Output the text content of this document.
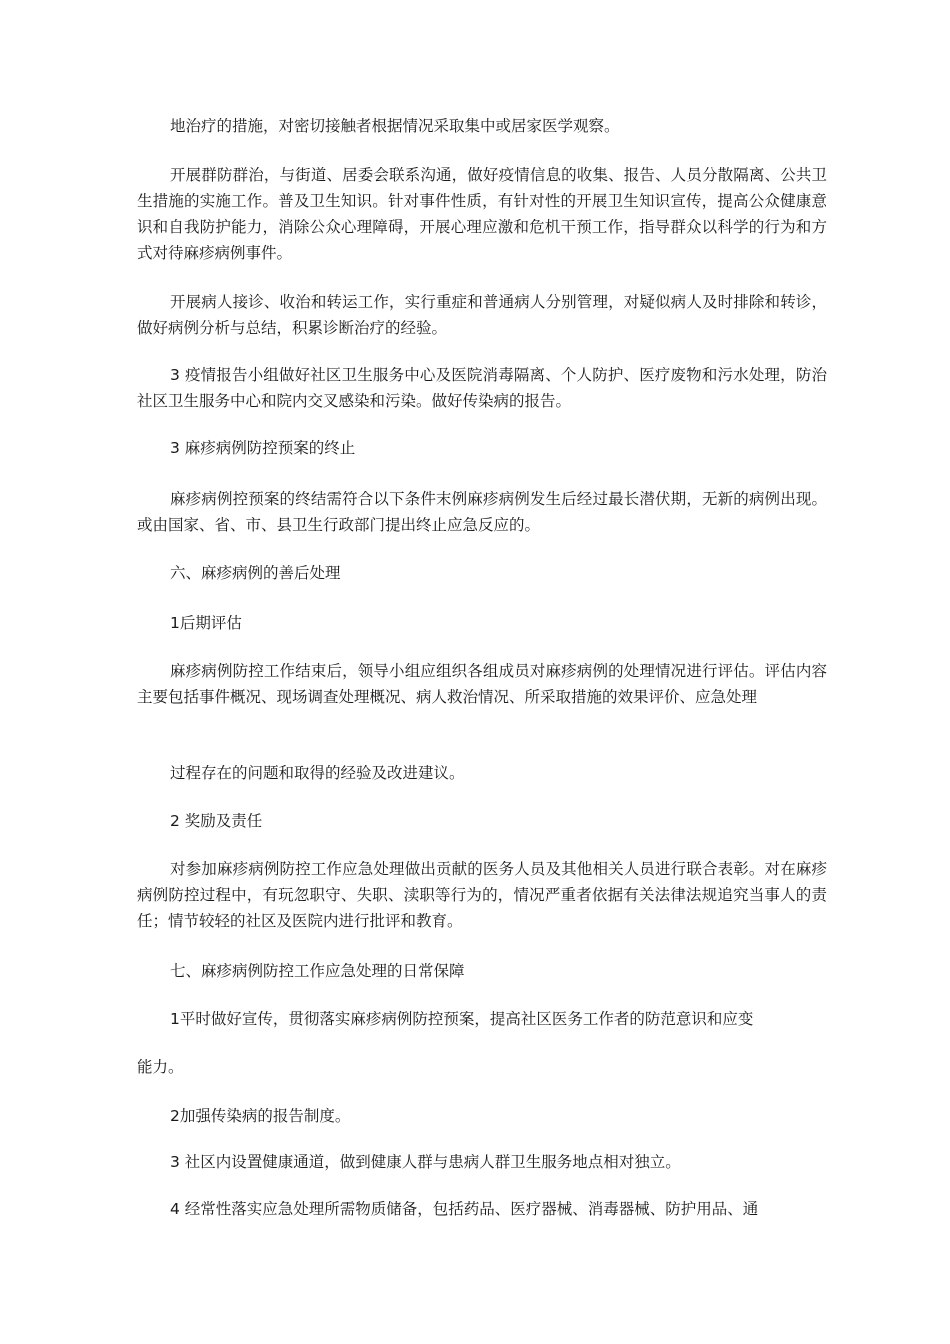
地治疗的措施，对密切接触者根据情况采取集中或居家医学观察。

开展群防群治，与街道、居委会联系沟通，做好疫情信息的收集、报告、人员分散隔离、公共卫生措施的实施工作。普及卫生知识。针对事件性质，有针对性的开展卫生知识宣传，提高公众健康意识和自我防护能力，消除公众心理障碍，开展心理应激和危机干预工作，指导群众以科学的行为和方式对待麻疹病例事件。

开展病人接诊、收治和转运工作，实行重症和普通病人分别管理，对疑似病人及时排除和转诊，做好病例分析与总结，积累诊断治疗的经验。

3 疫情报告小组做好社区卫生服务中心及医院消毒隔离、个人防护、医疗废物和污水处理，防治社区卫生服务中心和院内交叉感染和污染。做好传染病的报告。

3 麻疹病例防控预案的终止

麻疹病例控预案的终结需符合以下条件末例麻疹病例发生后经过最长潜伏期，无新的病例出现。或由国家、省、市、县卫生行政部门提出终止应急反应的。

六、麻疹病例的善后处理

1后期评估

麻疹病例防控工作结束后，领导小组应组织各组成员对麻疹病例的处理情况进行评估。评估内容主要包括事件概况、现场调查处理概况、病人救治情况、所采取措施的效果评价、应急处理

过程存在的问题和取得的经验及改进建议。

2 奖励及责任

对参加麻疹病例防控工作应急处理做出贡献的医务人员及其他相关人员进行联合表彰。对在麻疹病例防控过程中，有玩忽职守、失职、渎职等行为的，情况严重者依据有关法律法规追究当事人的责任；情节较轻的社区及医院内进行批评和教育。

七、麻疹病例防控工作应急处理的日常保障

1平时做好宣传，贯彻落实麻疹病例防控预案，提高社区医务工作者的防范意识和应变

能力。

2加强传染病的报告制度。

3 社区内设置健康通道，做到健康人群与患病人群卫生服务地点相对独立。

4 经常性落实应急处理所需物质储备，包括药品、医疗器械、消毒器械、防护用品、通
